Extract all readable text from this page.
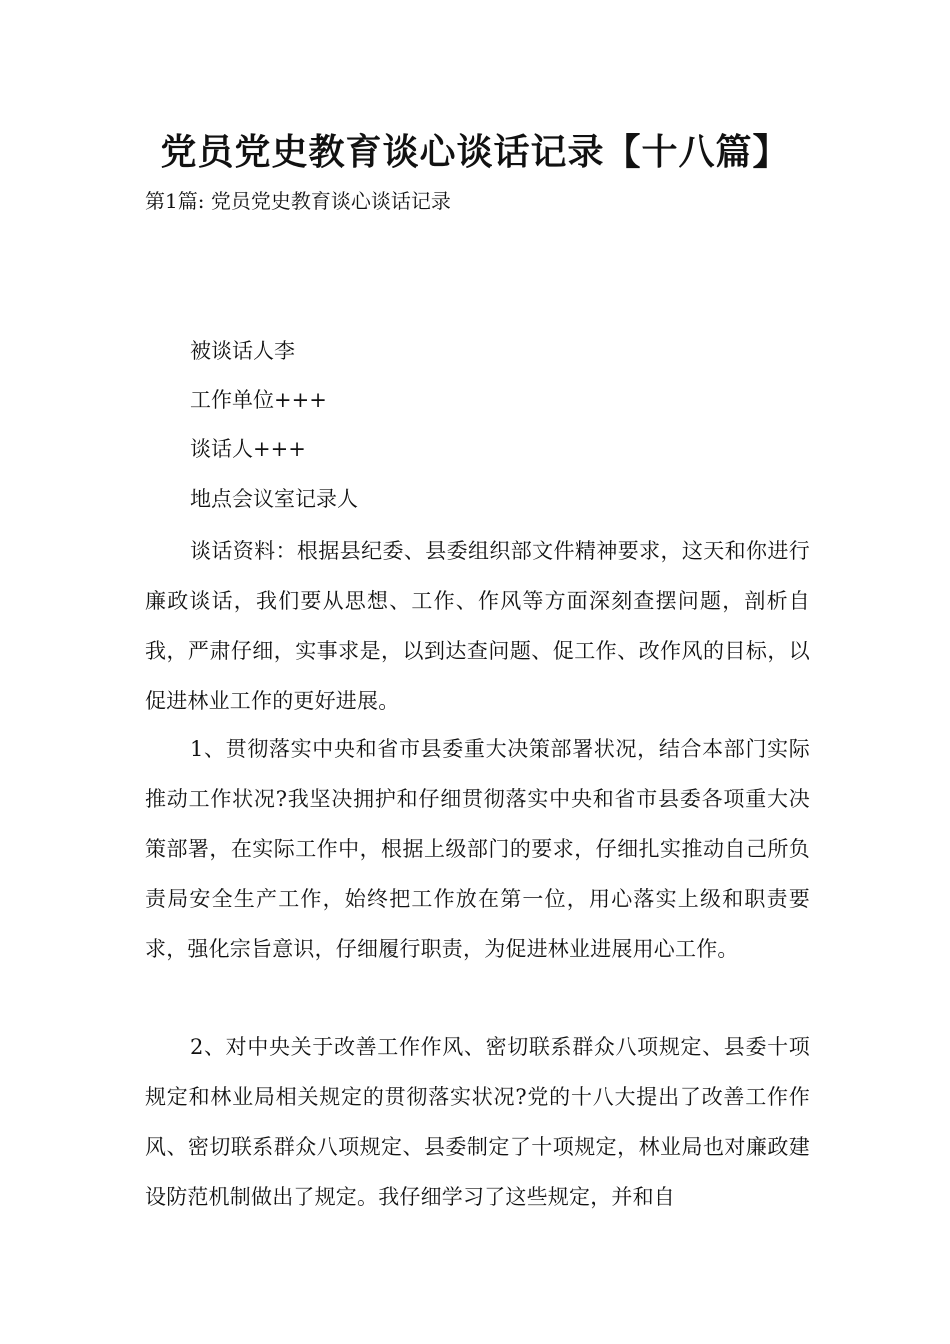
党员党史教育谈心谈话记录【十八篇】

第1篇: 党员党史教育谈心谈话记录

被谈话人李

工作单位+++

谈话人+++

地点会议室记录人

谈话资料：根据县纪委、县委组织部文件精神要求，这天和你进行廉政谈话，我们要从思想、工作、作风等方面深刻查摆问题，剖析自我，严肃仔细，实事求是，以到达查问题、促工作、改作风的目标，以促进林业工作的更好进展。

1、贯彻落实中央和省市县委重大决策部署状况，结合本部门实际推动工作状况?我坚决拥护和仔细贯彻落实中央和省市县委各项重大决策部署，在实际工作中，根据上级部门的要求，仔细扎实推动自己所负责局安全生产工作，始终把工作放在第一位，用心落实上级和职责要求，强化宗旨意识，仔细履行职责，为促进林业进展用心工作。

2、对中央关于改善工作作风、密切联系群众八项规定、县委十项规定和林业局相关规定的贯彻落实状况?党的十八大提出了改善工作作风、密切联系群众八项规定、县委制定了十项规定，林业局也对廉政建设防范机制做出了规定。我仔细学习了这些规定，并和自
